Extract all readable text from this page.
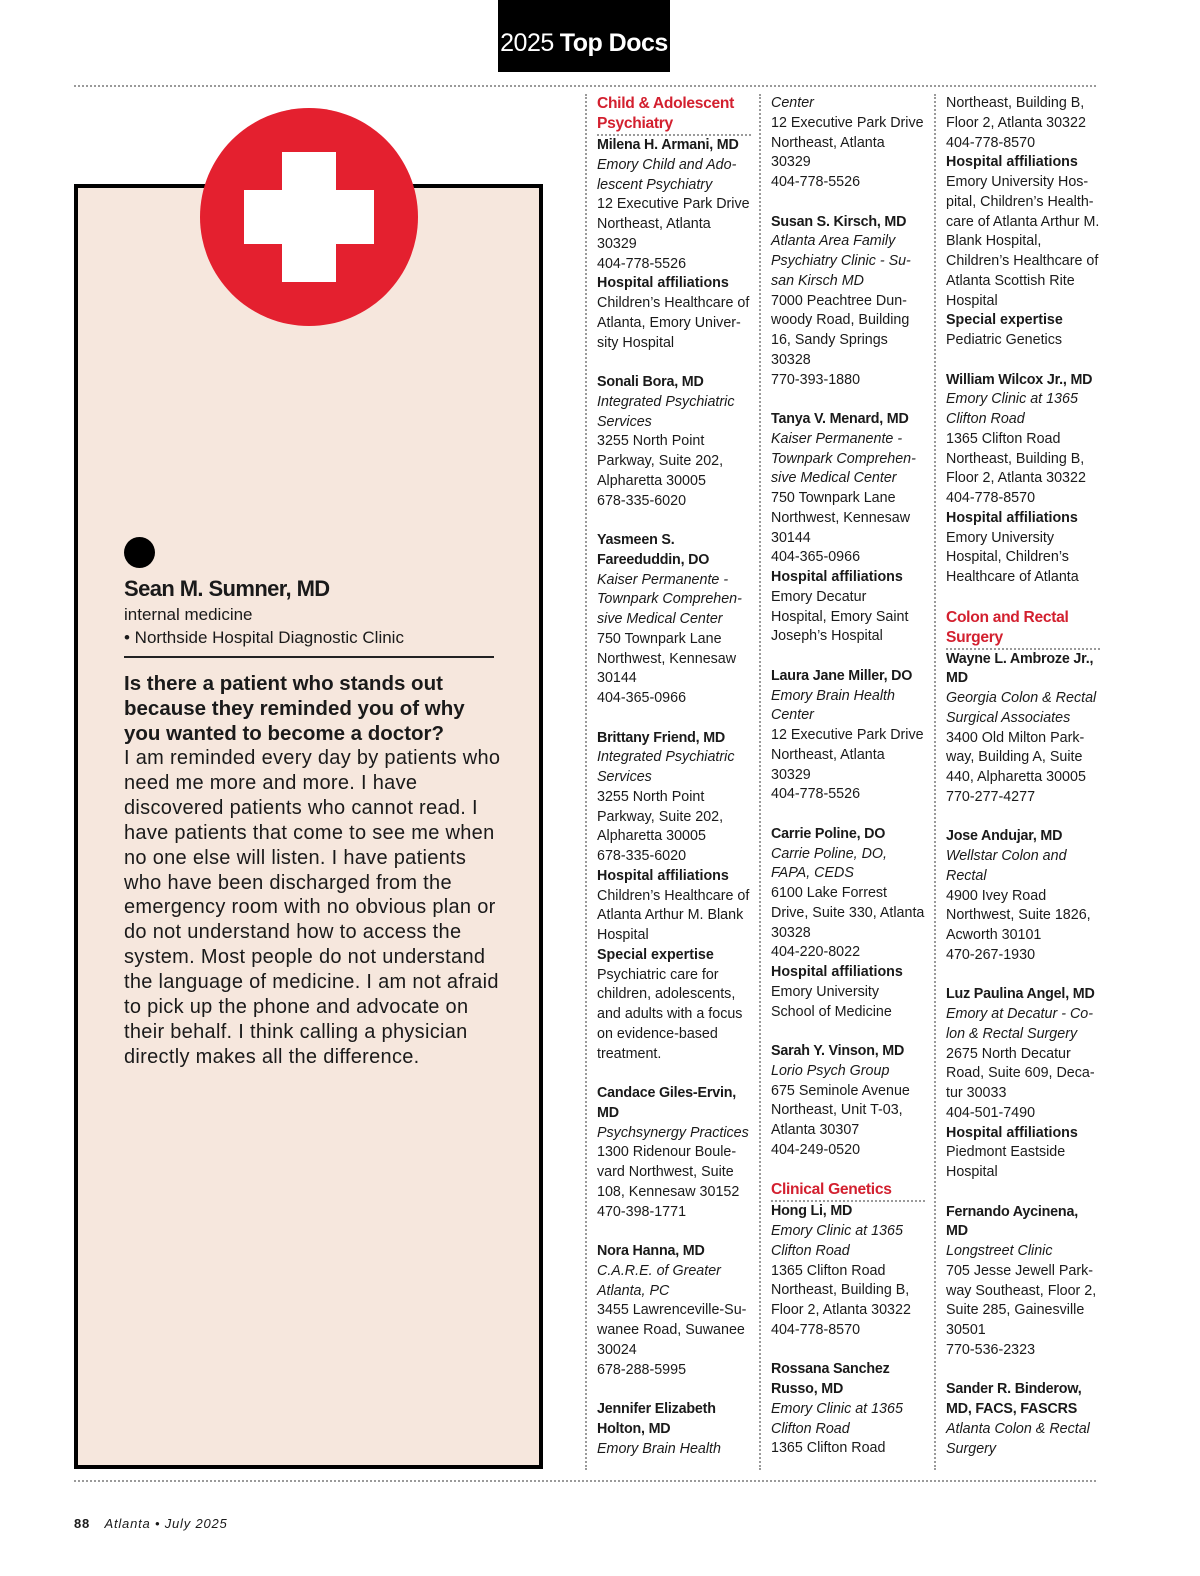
2025 Top Docs
Sean M. Sumner, MD
internal medicine
• Northside Hospital Diagnostic Clinic
Is there a patient who stands out because they reminded you of why you wanted to become a doctor?
I am reminded every day by patients who need me more and more. I have discovered patients who cannot read. I have patients that come to see me when no one else will listen. I have patients who have been discharged from the emergency room with no obvious plan or do not understand how to access the system. Most people do not understand the language of medicine. I am not afraid to pick up the phone and advocate on their behalf. I think calling a physician directly makes all the difference.
Child & Adolescent Psychiatry
Milena H. Armani, MD
Emory Child and Ado- lescent Psychiatry
12 Executive Park Drive Northeast, Atlanta 30329
404-778-5526
Hospital affiliations
Children’s Healthcare of Atlanta, Emory Univer- sity Hospital
Sonali Bora, MD
Integrated Psychiatric Services
3255 North Point Parkway, Suite 202, Alpharetta 30005
678-335-6020
Yasmeen S. Fareeduddin, DO
Kaiser Permanente - Townpark Comprehen- sive Medical Center
750 Townpark Lane Northwest, Kennesaw 30144
404-365-0966
Brittany Friend, MD
Integrated Psychiatric Services
3255 North Point Parkway, Suite 202, Alpharetta 30005
678-335-6020
Hospital affiliations
Children’s Healthcare of Atlanta Arthur M. Blank Hospital
Special expertise
Psychiatric care for children, adolescents, and adults with a focus on evidence-based treatment.
Candace Giles-Ervin, MD
Psychsynergy Practices
1300 Ridenour Boule- vard Northwest, Suite 108, Kennesaw 30152
470-398-1771
Nora Hanna, MD
C.A.R.E. of Greater Atlanta, PC
3455 Lawrenceville-Su- wanee Road, Suwanee 30024
678-288-5995
Jennifer Elizabeth Holton, MD
Emory Brain Health
Center
12 Executive Park Drive Northeast, Atlanta 30329
404-778-5526
Susan S. Kirsch, MD
Atlanta Area Family Psychiatry Clinic - Su- san Kirsch MD
7000 Peachtree Dun- woody Road, Building 16, Sandy Springs 30328
770-393-1880
Tanya V. Menard, MD
Kaiser Permanente - Townpark Comprehen- sive Medical Center
750 Townpark Lane Northwest, Kennesaw 30144
404-365-0966
Hospital affiliations
Emory Decatur Hospital, Emory Saint Joseph’s Hospital
Laura Jane Miller, DO
Emory Brain Health Center
12 Executive Park Drive Northeast, Atlanta 30329
404-778-5526
Carrie Poline, DO
Carrie Poline, DO, FAPA, CEDS
6100 Lake Forrest Drive, Suite 330, Atlanta 30328
404-220-8022
Hospital affiliations
Emory University School of Medicine
Sarah Y. Vinson, MD
Lorio Psych Group
675 Seminole Avenue Northeast, Unit T-03, Atlanta 30307
404-249-0520
Clinical Genetics
Hong Li, MD
Emory Clinic at 1365 Clifton Road
1365 Clifton Road Northeast, Building B, Floor 2, Atlanta 30322
404-778-8570
Rossana Sanchez Russo, MD
Emory Clinic at 1365 Clifton Road
1365 Clifton Road
Northeast, Building B, Floor 2, Atlanta 30322
404-778-8570
Hospital affiliations
Emory University Hos- pital, Children’s Health- care of Atlanta Arthur M. Blank Hospital, Children’s Healthcare of Atlanta Scottish Rite Hospital
Special expertise
Pediatric Genetics
William Wilcox Jr., MD
Emory Clinic at 1365 Clifton Road
1365 Clifton Road Northeast, Building B, Floor 2, Atlanta 30322
404-778-8570
Hospital affiliations
Emory University Hospital, Children’s Healthcare of Atlanta
Colon and Rectal Surgery
Wayne L. Ambroze Jr., MD
Georgia Colon & Rectal Surgical Associates
3400 Old Milton Park- way, Building A, Suite 440, Alpharetta 30005
770-277-4277
Jose Andujar, MD
Wellstar Colon and Rectal
4900 Ivey Road Northwest, Suite 1826, Acworth 30101
470-267-1930
Luz Paulina Angel, MD
Emory at Decatur - Co- lon & Rectal Surgery
2675 North Decatur Road, Suite 609, Deca- tur 30033
404-501-7490
Hospital affiliations
Piedmont Eastside Hospital
Fernando Aycinena, MD
Longstreet Clinic
705 Jesse Jewell Park- way Southeast, Floor 2, Suite 285, Gainesville 30501
770-536-2323
Sander R. Binderow, MD, FACS, FASCRS
Atlanta Colon & Rectal Surgery
88 Atlanta • July 2025
